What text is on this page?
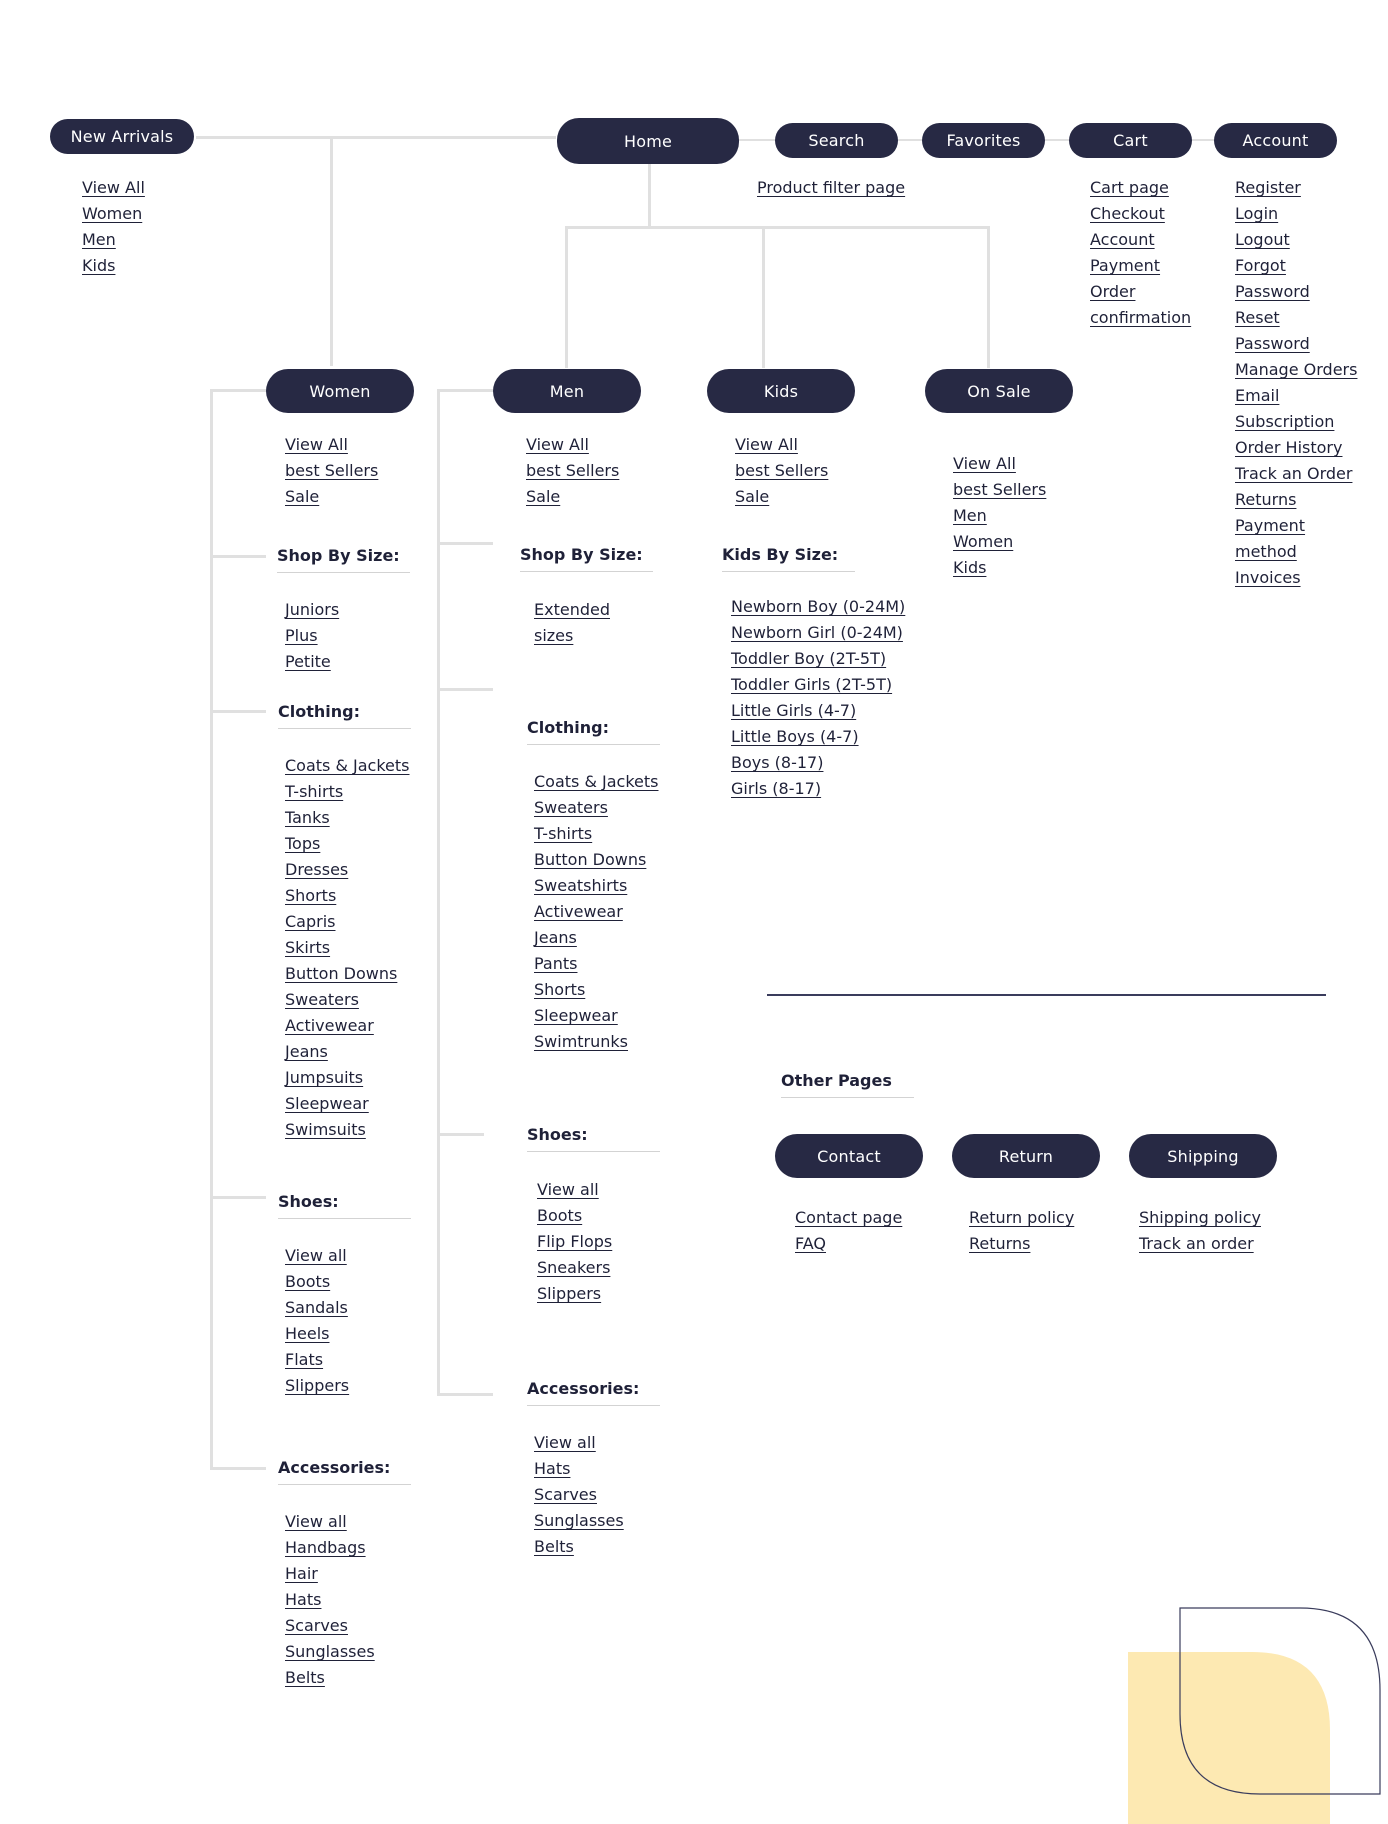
New Arrivals	Home	Search	Favorites	Cart	Account
View All
Women
Men
Kids
Product filter page	Cart page
Checkout
Account
Payment
Order
confirmation
Register
Login
Logout
Forgot
Password
Reset
Password
Manage Orders
Email
Subscription
Order History
Track an Order
Returns
Payment
method
Invoices
Women	Men	Kids	On Sale
View All
best Sellers
Sale
Shop By Size:
Juniors
Plus
Petite
Clothing:
Coats & Jackets
T-shirts
Tanks
Tops
Dresses
Shorts
Capris
Skirts
Button Downs
Sweaters
Activewear
Jeans
Jumpsuits
Sleepwear
Swimsuits
Shoes:
View all
Boots
Sandals
Heels
Flats
Slippers
Accessories:
View all
Handbags
Hair
Hats
Scarves
Sunglasses
Belts
View All
best Sellers
Sale
Shop By Size:
Extended
sizes
Clothing:
Coats & Jackets
Sweaters
T-shirts
Button Downs
Sweatshirts
Activewear
Jeans
Pants
Shorts
Sleepwear
Swimtrunks
Shoes:
View all
Boots
Flip Flops
Sneakers
Slippers
Accessories:
View all
Hats
Scarves
Sunglasses
Belts
View All
best Sellers
Sale
Kids By Size:
Newborn Boy (0-24M)
Newborn Girl (0-24M)
Toddler Boy (2T-5T)
Toddler Girls (2T-5T)
Little Girls (4-7)
Little Boys (4-7)
Boys (8-17)
Girls (8-17)
View All
best Sellers
Men
Women
Kids
Other Pages
Contact	Return	Shipping
Contact page
FAQ
Return policy
Returns
Shipping policy
Track an order
